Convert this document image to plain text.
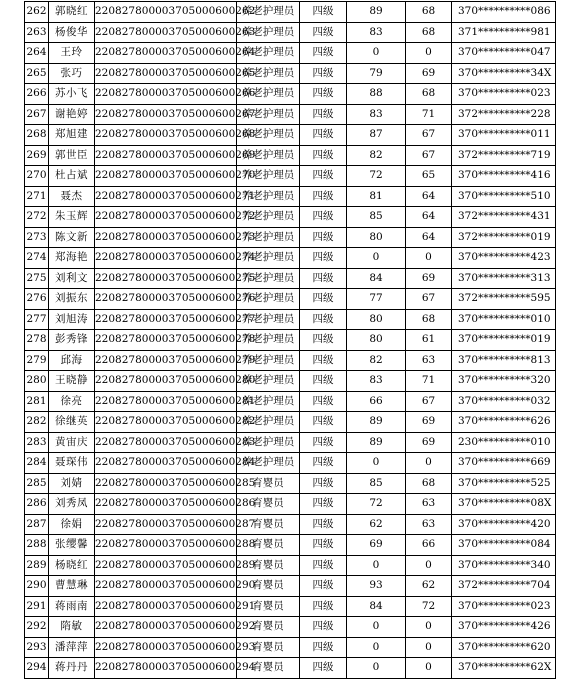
262	郭晓红	220827800003705000600262	养老护理员	四级	89	68	370**********086
263	杨俊华	220827800003705000600263	养老护理员	四级	83	68	371**********981
264	王玲	220827800003705000600264	养老护理员	四级	0	0	370**********047
265	张巧	220827800003705000600265	养老护理员	四级	79	69	370**********34X
266	苏小飞	220827800003705000600266	养老护理员	四级	88	68	370**********023
267	谢艳婷	220827800003705000600267	养老护理员	四级	83	71	372**********228
268	郑旭建	220827800003705000600268	养老护理员	四级	87	67	370**********011
269	郭世臣	220827800003705000600269	养老护理员	四级	82	67	372**********719
270	杜占斌	220827800003705000600270	养老护理员	四级	72	65	370**********416
271	聂杰	220827800003705000600271	养老护理员	四级	81	64	370**********510
272	朱玉辉	220827800003705000600272	养老护理员	四级	85	64	372**********431
273	陈文新	220827800003705000600273	养老护理员	四级	80	64	372**********019
274	郑海艳	220827800003705000600274	养老护理员	四级	0	0	370**********423
275	刘利文	220827800003705000600275	养老护理员	四级	84	69	370**********313
276	刘振东	220827800003705000600276	养老护理员	四级	77	67	372**********595
277	刘旭涛	220827800003705000600277	养老护理员	四级	80	68	370**********010
278	彭秀锋	220827800003705000600278	养老护理员	四级	80	61	370**********019
279	邱海	220827800003705000600279	养老护理员	四级	82	63	370**********813
280	王晓静	220827800003705000600280	养老护理员	四级	83	71	370**********320
281	徐亮	220827800003705000600281	养老护理员	四级	66	67	370**********032
282	徐继英	220827800003705000600282	养老护理员	四级	89	69	370**********626
283	黄宙庆	220827800003705000600283	养老护理员	四级	89	69	230**********010
284	聂琛伟	220827800003705000600284	养老护理员	四级	0	0	370**********669
285	刘婧	220827800003705000600285	育婴员	四级	85	68	370**********525
286	刘秀凤	220827800003705000600286	育婴员	四级	72	63	370**********08X
287	徐娟	220827800003705000600287	育婴员	四级	62	63	370**********420
288	张缨馨	220827800003705000600288	育婴员	四级	69	66	370**********084
289	杨晓红	220827800003705000600289	育婴员	四级	0	0	370**********340
290	曹慧琳	220827800003705000600290	育婴员	四级	93	62	372**********704
291	蒋雨南	220827800003705000600291	育婴员	四级	84	72	370**********023
292	隋敏	220827800003705000600292	育婴员	四级	0	0	370**********426
293	潘萍萍	220827800003705000600293	育婴员	四级	0	0	370**********620
294	蒋丹丹	220827800003705000600294	育婴员	四级	0	0	370**********62X
